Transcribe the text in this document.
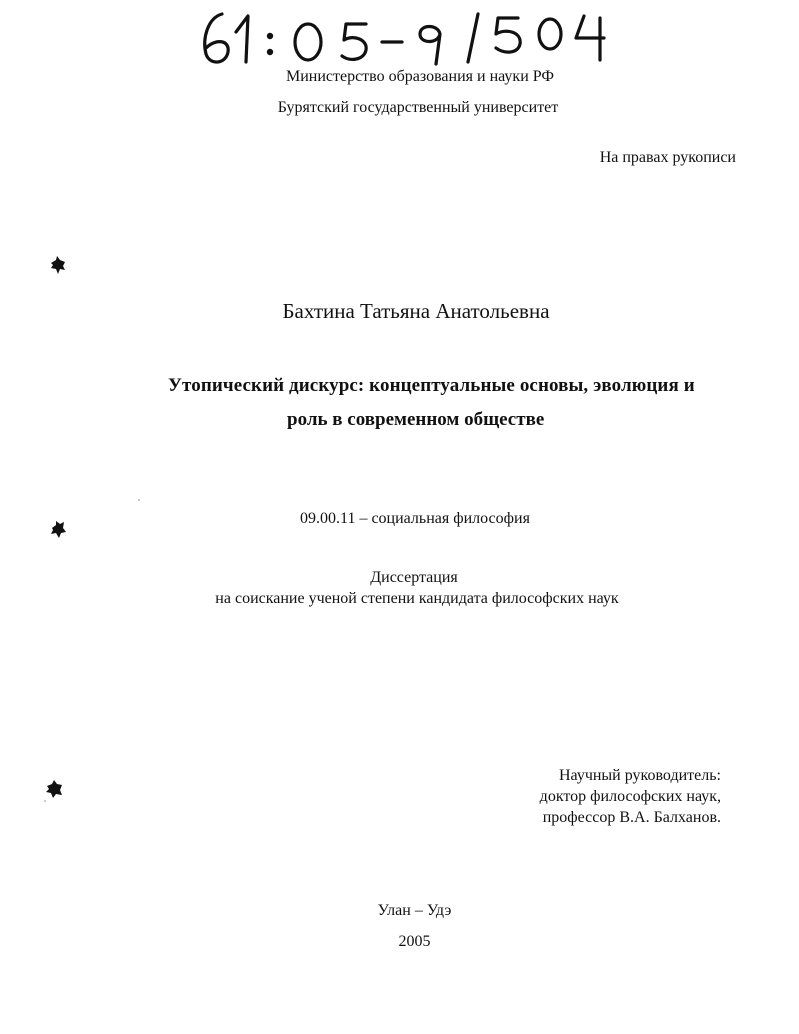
Министерство образования и науки РФ
Бурятский государственный университет
На правах рукописи
Бахтина Татьяна Анатольевна
Утопический дискурс: концептуальные основы, эволюция и
роль в современном обществе
09.00.11 – социальная философия
Диссертация
на соискание ученой степени кандидата философских наук
Научный руководитель:
доктор философских наук,
профессор В.А. Балханов.
Улан – Удэ
2005
